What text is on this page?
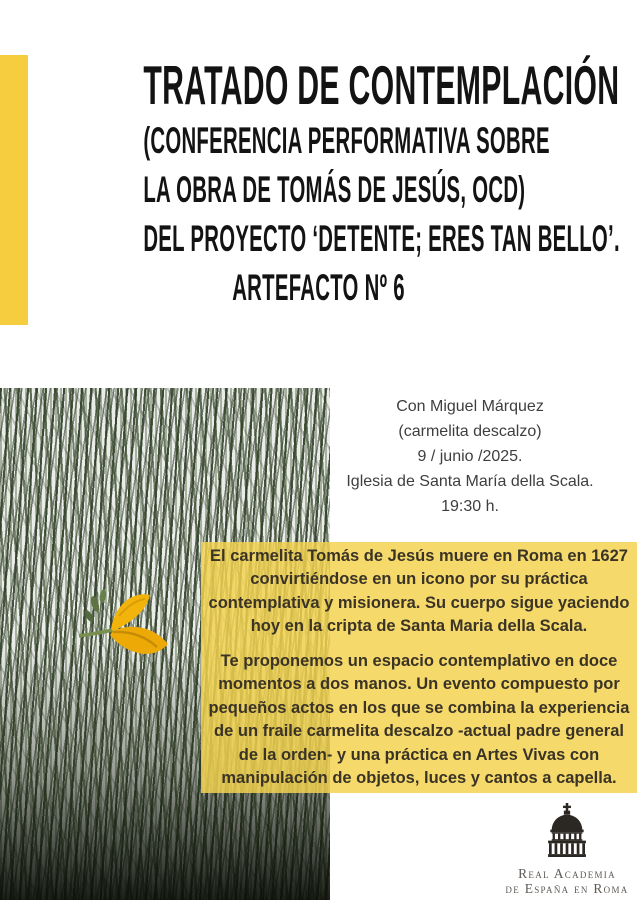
TRATADO DE CONTEMPLACIÓN
(CONFERENCIA PERFORMATIVA SOBRE
LA OBRA DE TOMÁS DE JESÚS, OCD)
DEL PROYECTO ‘DETENTE; ERES TAN BELLO’.
ARTEFACTO Nº 6
Con Miguel Márquez
(carmelita descalzo)
9 / junio /2025.
Iglesia de Santa María della Scala.
19:30 h.

El carmelita Tomás de Jesús muere en Roma en 1627 convirtiéndose en un icono por su práctica contemplativa y misionera. Su cuerpo sigue yaciendo hoy en la cripta de Santa Maria della Scala.

Te proponemos un espacio contemplativo en doce momentos a dos manos. Un evento compuesto por pequeños actos en los que se combina la experiencia de un fraile carmelita descalzo -actual padre general de la orden- y una práctica en Artes Vivas con manipulación de objetos, luces y cantos a capella.

Real Academia
de España en Roma
